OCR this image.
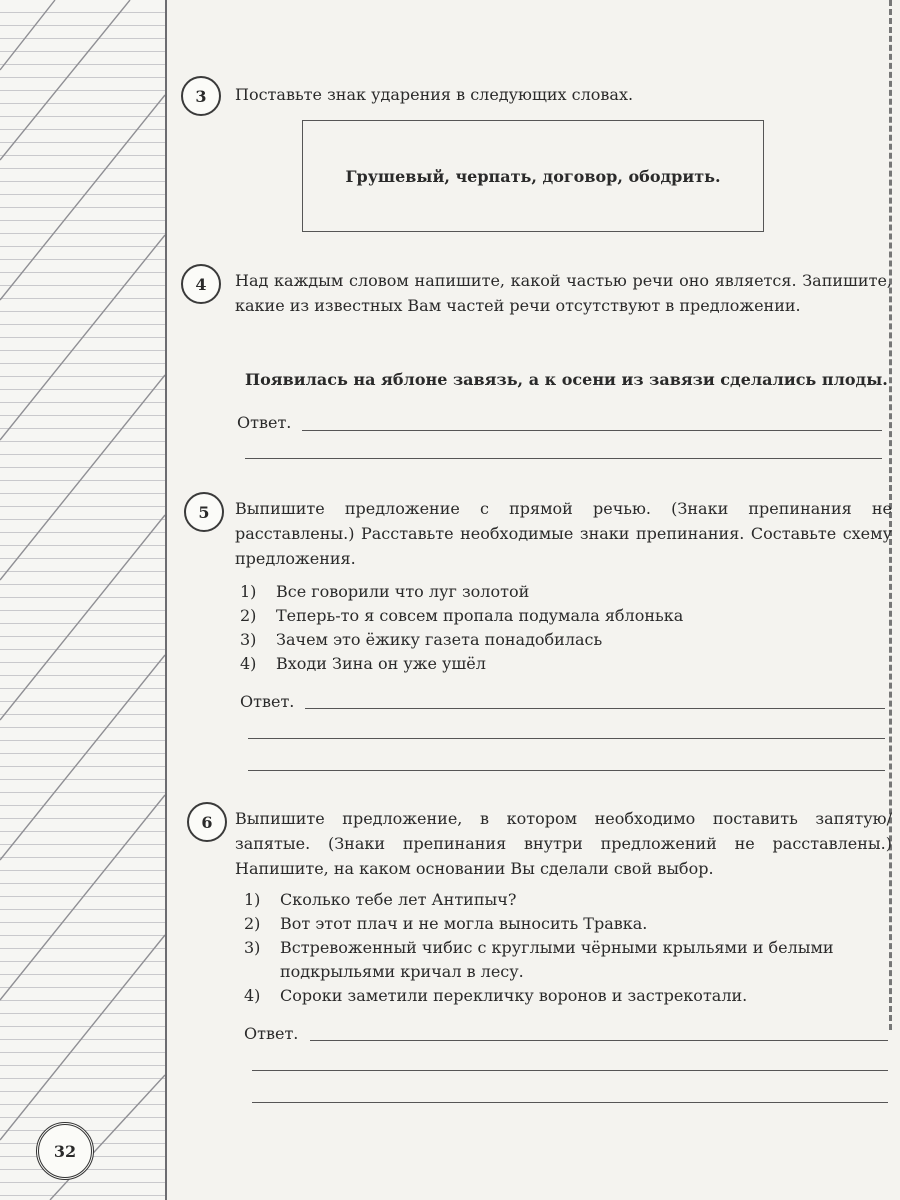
3	Поставьте знак ударения в следующих словах.
Грушевый, черпать, договор, ободрить.
4	Над каждым словом напишите, какой частью речи оно является. Запишите, какие из известных Вам частей речи отсутствуют в предложении.
Появилась на яблоне завязь, а к осени из завязи сделались плоды.
Ответ.
5	Выпишите предложение с прямой речью. (Знаки препинания не расставлены.) Расставьте необходимые знаки препинания. Составьте схему предложения.
1) Все говорили что луг золотой
2) Теперь-то я совсем пропала подумала яблонька
3) Зачем это ёжику газета понадобилась
4) Входи Зина он уже ушёл
Ответ.
6	Выпишите предложение, в котором необходимо поставить запятую/запятые. (Знаки препинания внутри предложений не расставлены.) Напишите, на каком основании Вы сделали свой выбор.
1) Сколько тебе лет Антипыч?
2) Вот этот плач и не могла выносить Травка.
3) Встревоженный чибис с круглыми чёрными крыльями и белыми
подкрыльями кричал в лесу.
4) Сороки заметили перекличку воронов и застрекотали.
Ответ.
32
